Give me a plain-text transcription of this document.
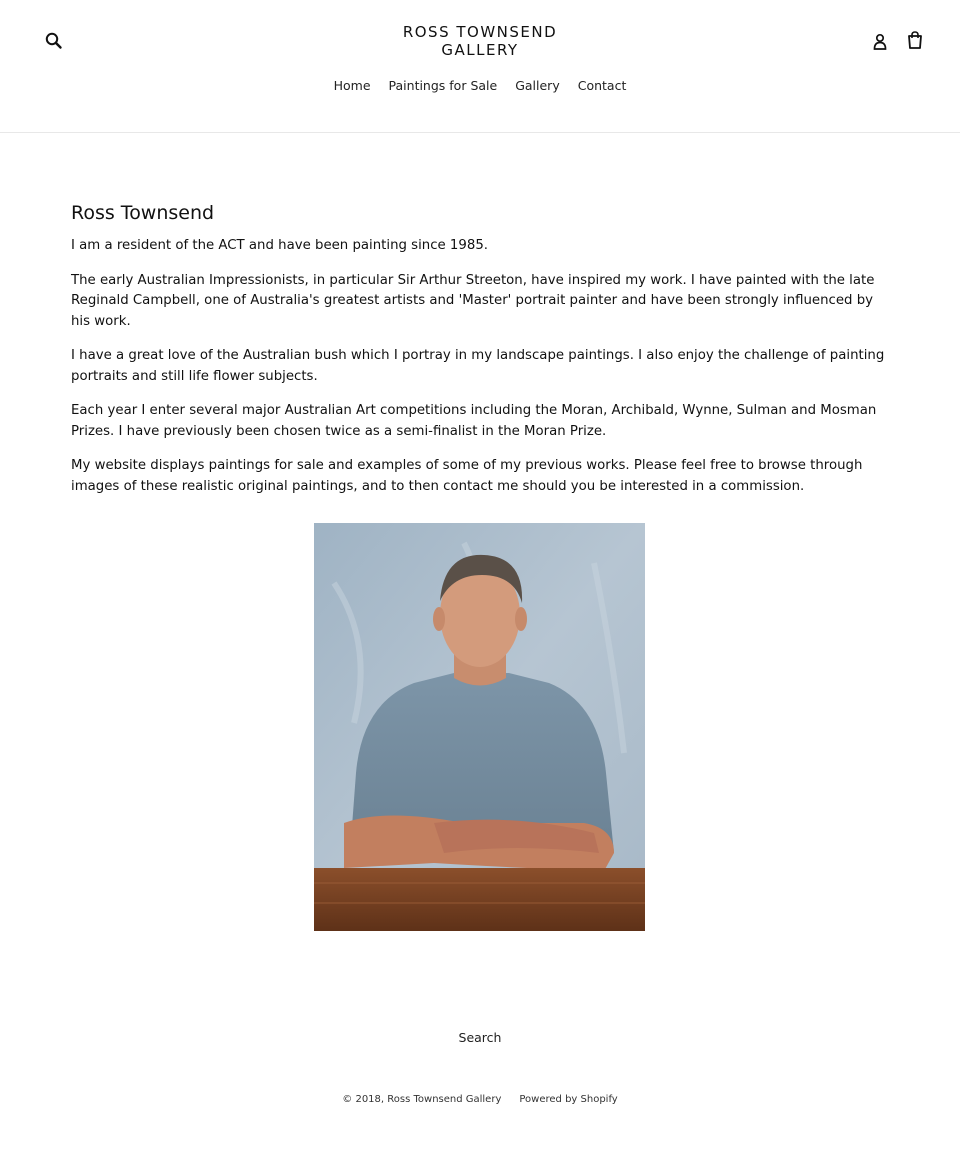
ROSS TOWNSEND
GALLERY
Home	Paintings for Sale	Gallery	Contact
Ross Townsend

I am a resident of the ACT and have been painting since 1985.

The early Australian Impressionists, in particular Sir Arthur Streeton, have inspired my work. I have painted with the late Reginald Campbell, one of Australia's greatest artists and 'Master' portrait painter and have been strongly influenced by his work.

I have a great love of the Australian bush which I portray in my landscape paintings. I also enjoy the challenge of painting portraits and still life flower subjects.

Each year I enter several major Australian Art competitions including the Moran, Archibald, Wynne, Sulman and Mosman Prizes. I have previously been chosen twice as a semi-finalist in the Moran Prize.

My website displays paintings for sale and examples of some of my previous works. Please feel free to browse through images of these realistic original paintings, and to then contact me should you be interested in a commission.

Search
© 2018, Ross Townsend Gallery Powered by Shopify
